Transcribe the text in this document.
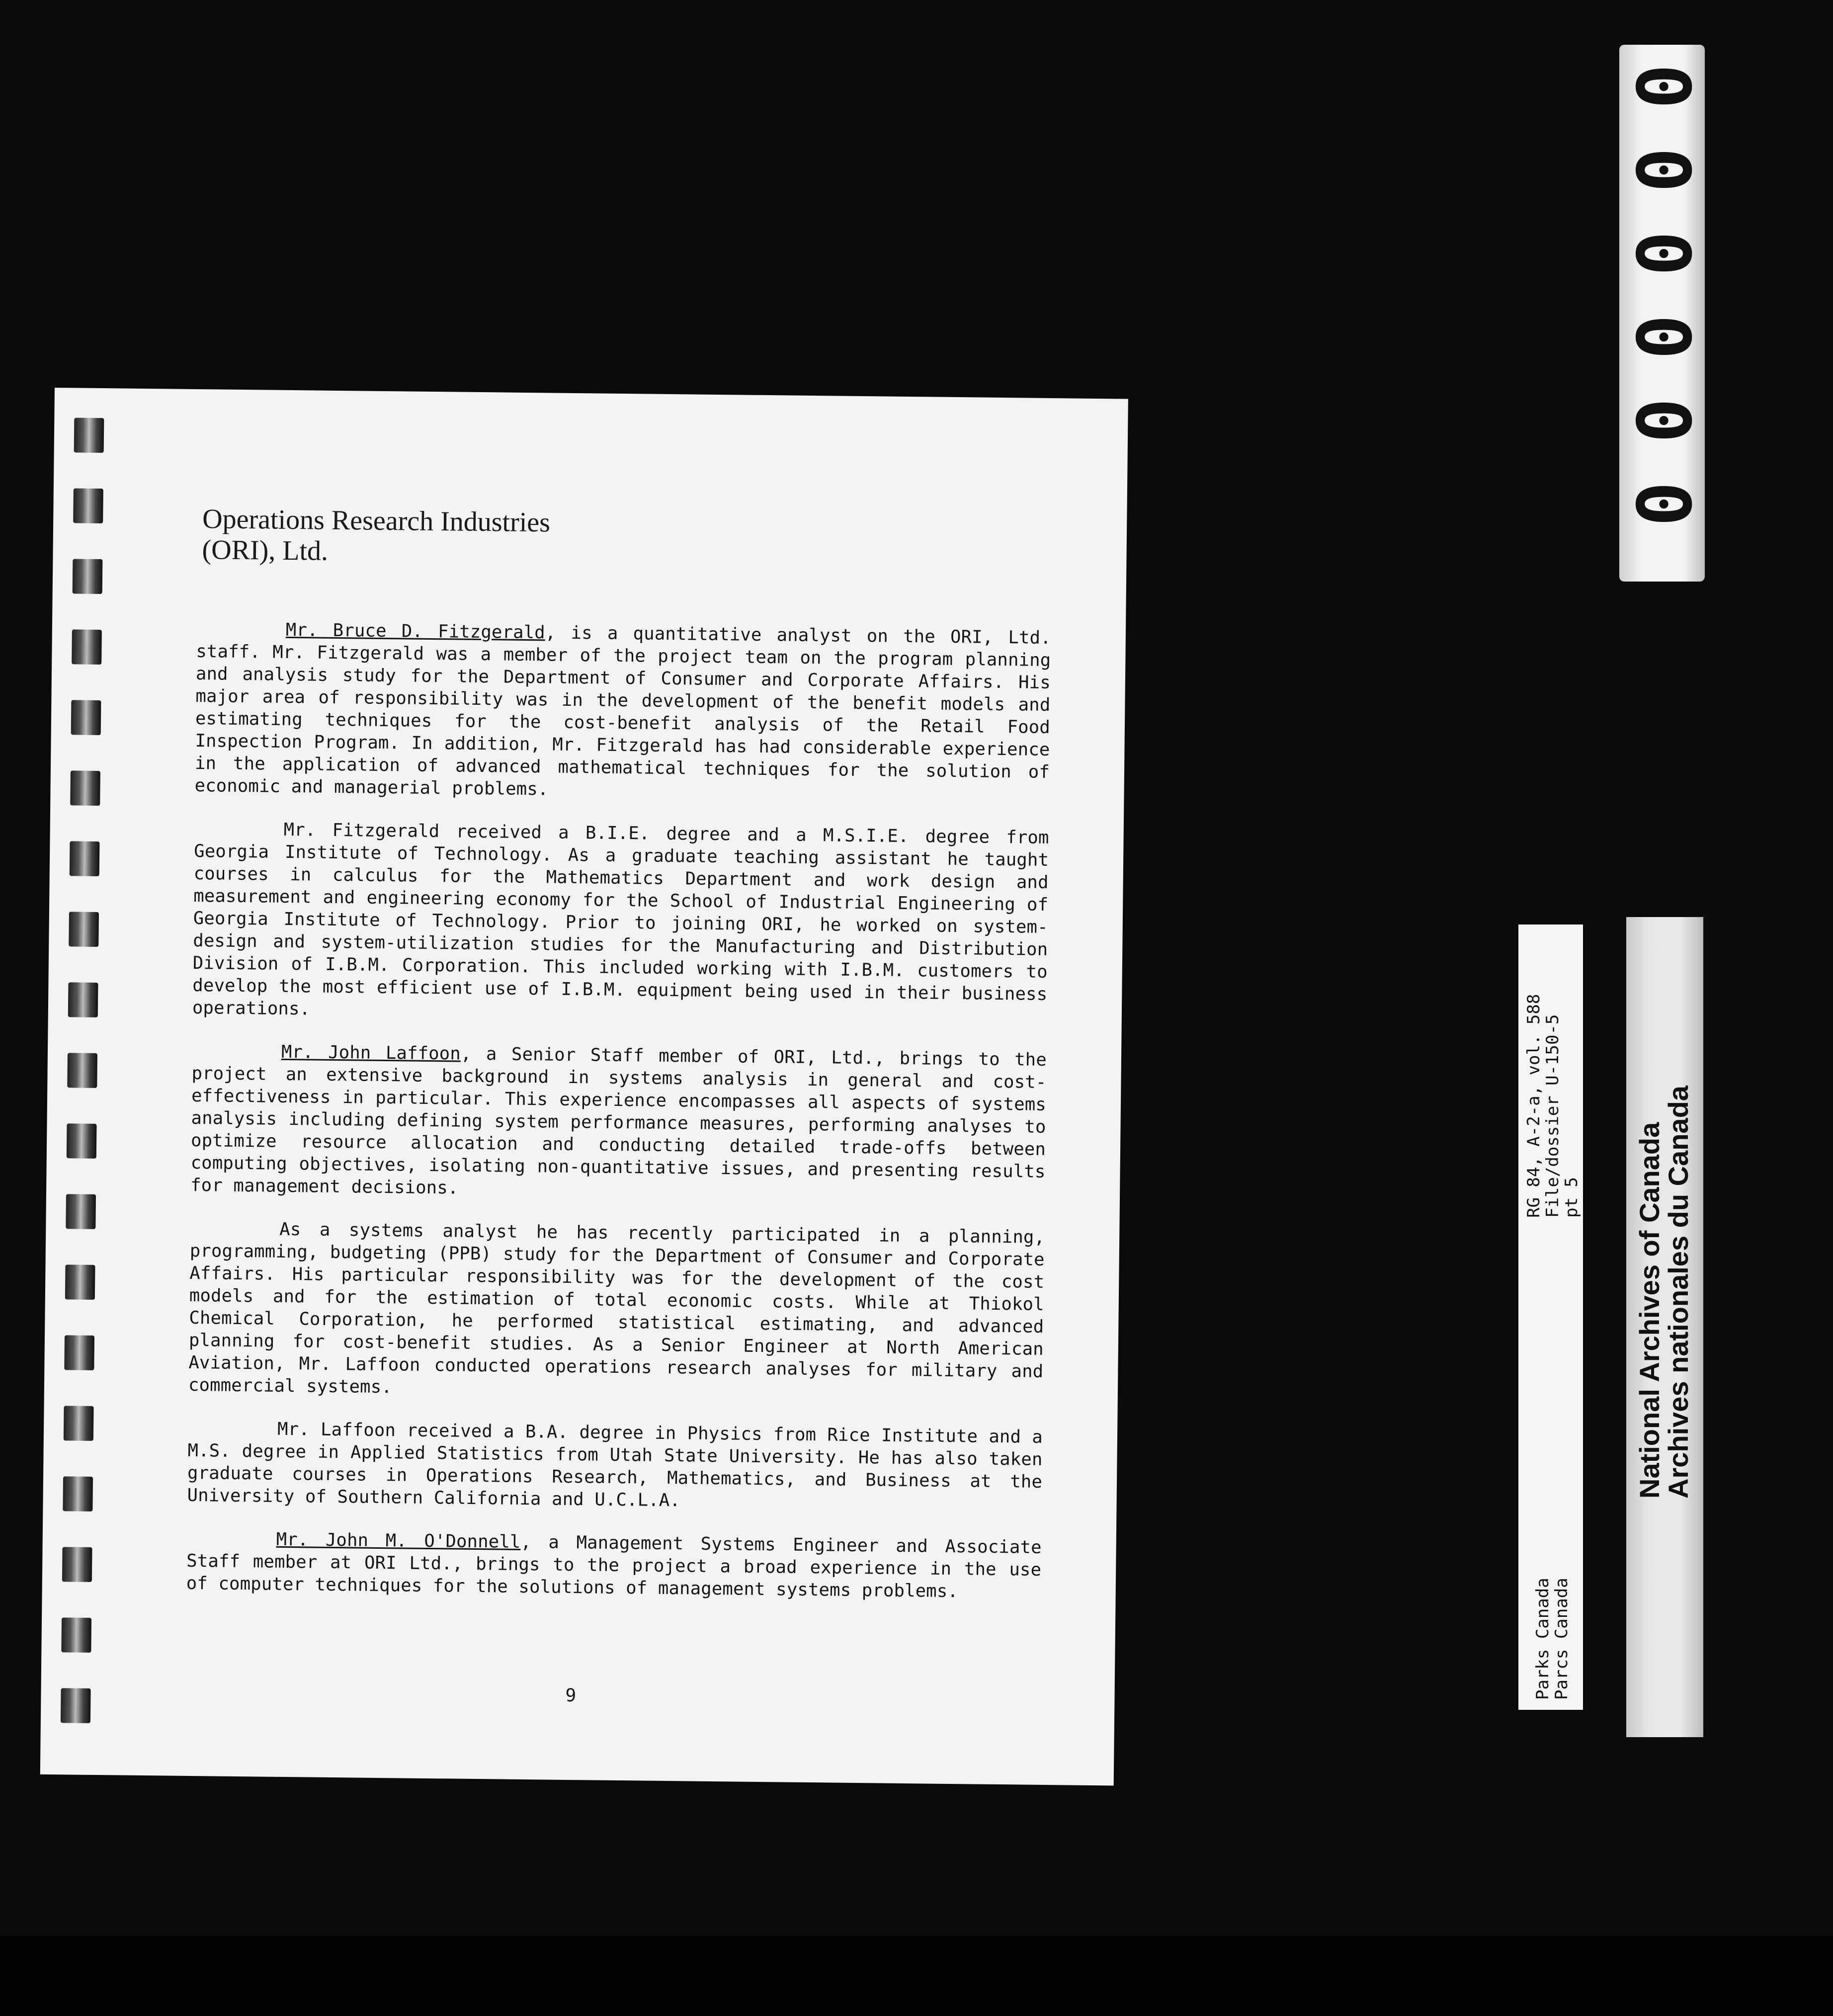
Operations Research Industries
(ORI), Ltd.

Mr. Bruce D. Fitzgerald, is a quantitative analyst on the ORI, Ltd. staff. Mr. Fitzgerald was a member of the project team on the program planning and analysis study for the Department of Consumer and Corporate Affairs. His major area of responsibility was in the development of the benefit models and estimating techniques for the cost-benefit analysis of the Retail Food Inspection Program. In addition, Mr. Fitzgerald has had considerable experience in the application of advanced mathematical techniques for the solution of economic and managerial problems.

Mr. Fitzgerald received a B.I.E. degree and a M.S.I.E. degree from Georgia Institute of Technology. As a graduate teaching assistant he taught courses in calculus for the Mathematics Department and work design and measurement and engineering economy for the School of Industrial Engineering of Georgia Institute of Technology. Prior to joining ORI, he worked on system-design and system-utilization studies for the Manufacturing and Distribution Division of I.B.M. Corporation. This included working with I.B.M. customers to develop the most efficient use of I.B.M. equipment being used in their business operations.

Mr. John Laffoon, a Senior Staff member of ORI, Ltd., brings to the project an extensive background in systems analysis in general and cost-effectiveness in particular. This experience encompasses all aspects of systems analysis including defining system performance measures, performing analyses to optimize resource allocation and conducting detailed trade-offs between computing objectives, isolating non-quantitative issues, and presenting results for management decisions.

As a systems analyst he has recently participated in a planning, programming, budgeting (PPB) study for the Department of Consumer and Corporate Affairs. His particular responsibility was for the development of the cost models and for the estimation of total economic costs. While at Thiokol Chemical Corporation, he performed statistical estimating, and advanced planning for cost-benefit studies. As a Senior Engineer at North American Aviation, Mr. Laffoon conducted operations research analyses for military and commercial systems.

Mr. Laffoon received a B.A. degree in Physics from Rice Institute and a M.S. degree in Applied Statistics from Utah State University. He has also taken graduate courses in Operations Research, Mathematics, and Business at the University of Southern California and U.C.L.A.

Mr. John M. O'Donnell, a Management Systems Engineer and Associate Staff member at ORI Ltd., brings to the project a broad experience in the use of computer techniques for the solutions of management systems problems.

9
0
0
0
0
0
0
RG 84, A-2-a, vol. 588
File/dossier U-150-5
pt 5
Parks Canada
Parcs Canada
National Archives of Canada
Archives nationales du Canada
